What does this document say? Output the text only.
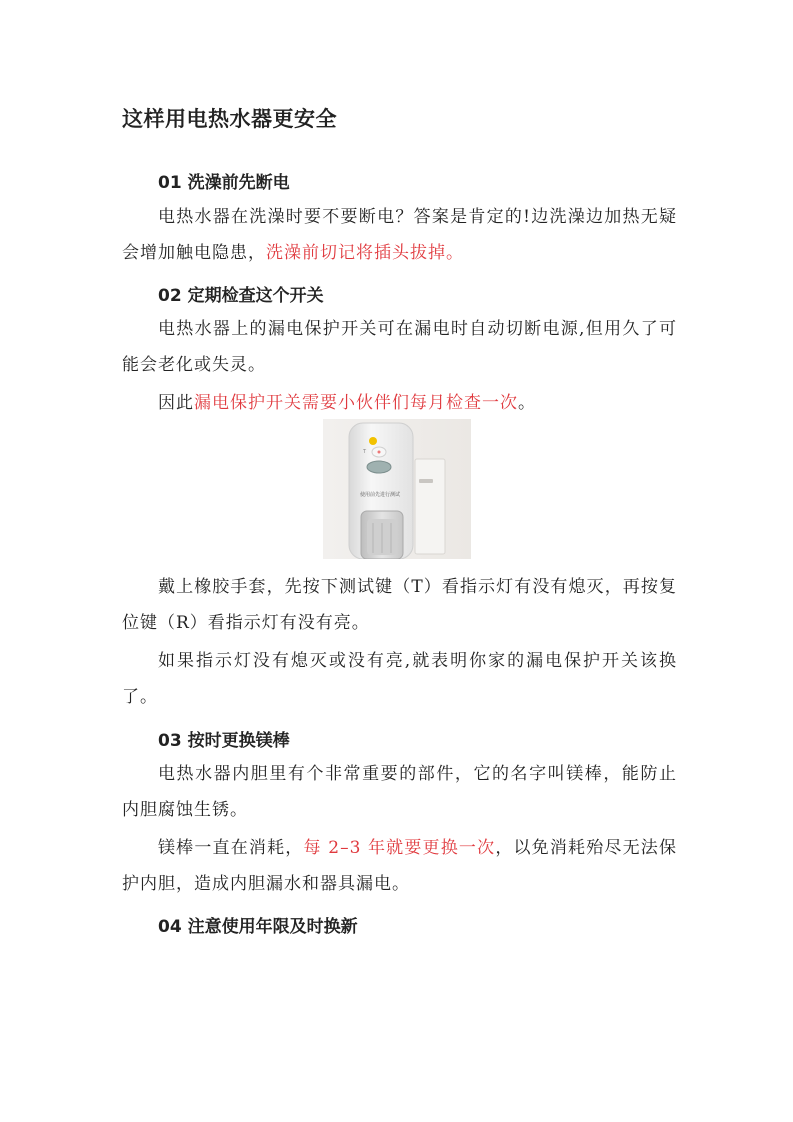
这样用电热水器更安全
01 洗澡前先断电
电热水器在洗澡时要不要断电？答案是肯定的!边洗澡边加热无疑会增加触电隐患，洗澡前切记将插头拔掉。
02 定期检查这个开关
电热水器上的漏电保护开关可在漏电时自动切断电源,但用久了可能会老化或失灵。
因此漏电保护开关需要小伙伴们每月检查一次。
T
使用前先进行测试
戴上橡胶手套，先按下测试键（T）看指示灯有没有熄灭，再按复位键（R）看指示灯有没有亮。
如果指示灯没有熄灭或没有亮,就表明你家的漏电保护开关该换了。
03 按时更换镁棒
电热水器内胆里有个非常重要的部件，它的名字叫镁棒，能防止内胆腐蚀生锈。
镁棒一直在消耗，每 2–3 年就要更换一次，以免消耗殆尽无法保护内胆，造成内胆漏水和器具漏电。
04 注意使用年限及时换新
